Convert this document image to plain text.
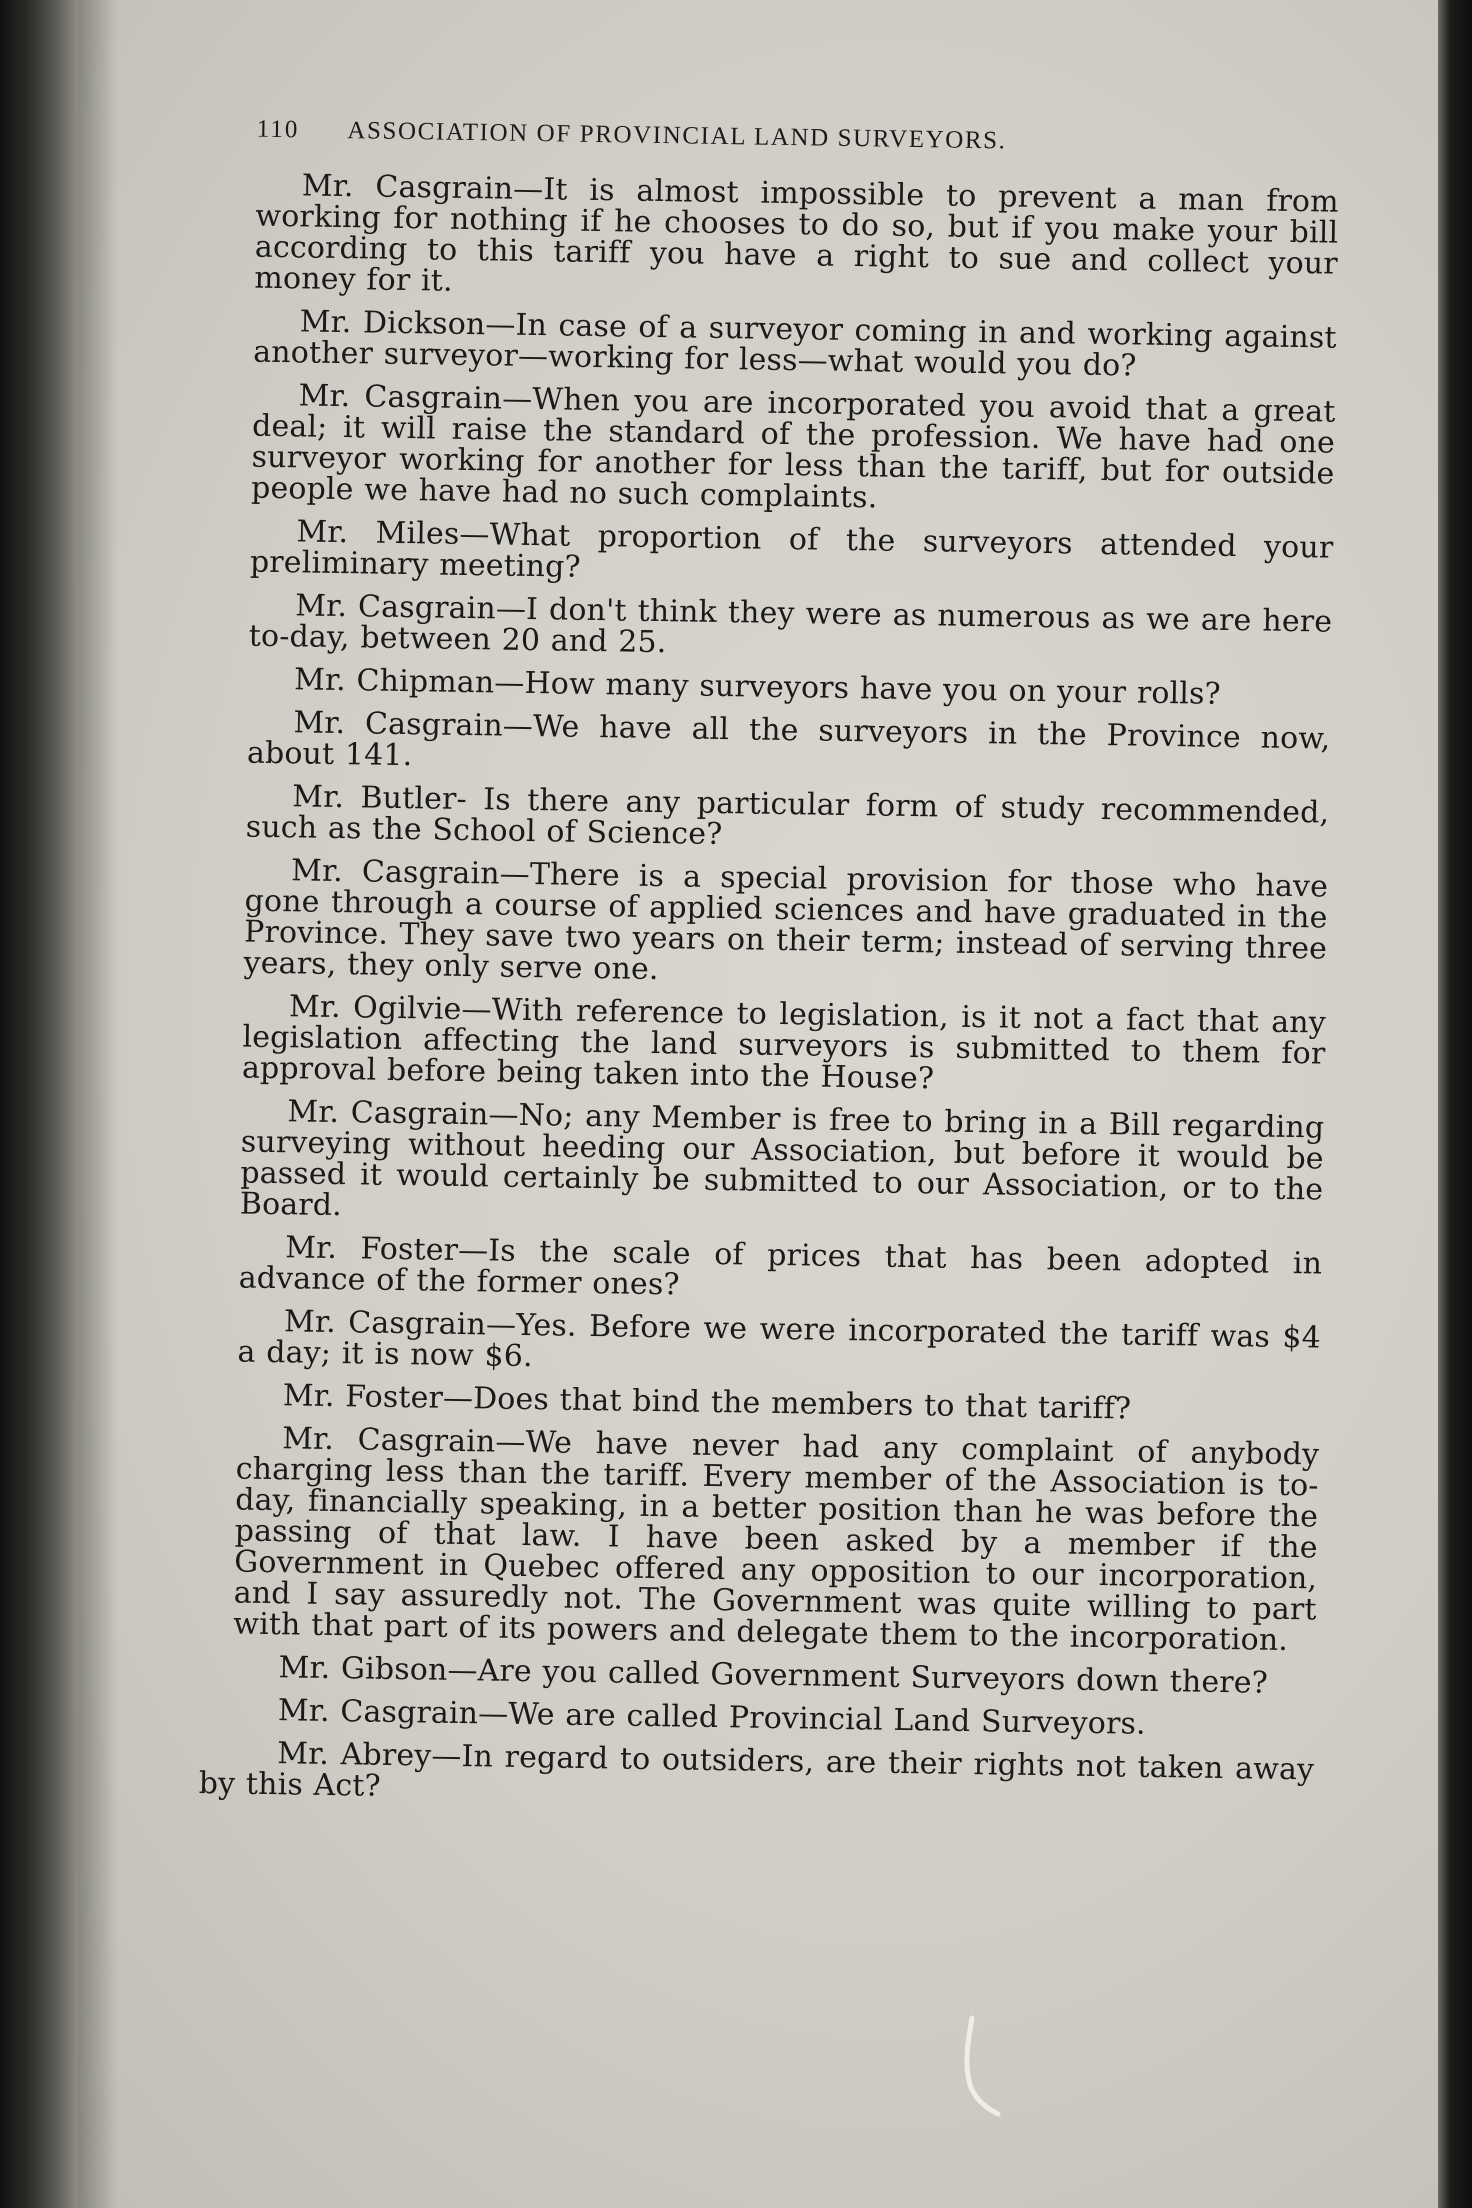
110 ASSOCIATION OF PROVINCIAL LAND SURVEYORS.

Mr. Casgrain—It is almost impossible to prevent a man from working for nothing if he chooses to do so, but if you make your bill according to this tariff you have a right to sue and collect your money for it.

Mr. Dickson—In case of a surveyor coming in and working against another surveyor—working for less—what would you do?

Mr. Casgrain—When you are incorporated you avoid that a great deal; it will raise the standard of the profession. We have had one surveyor working for another for less than the tariff, but for outside people we have had no such complaints.

Mr. Miles—What proportion of the surveyors attended your preliminary meeting?

Mr. Casgrain—I don't think they were as numerous as we are here to-day, between 20 and 25.

Mr. Chipman—How many surveyors have you on your rolls?

Mr. Casgrain—We have all the surveyors in the Province now, about 141.

Mr. Butler- Is there any particular form of study recommended, such as the School of Science?

Mr. Casgrain—There is a special provision for those who have gone through a course of applied sciences and have graduated in the Province. They save two years on their term; instead of serving three years, they only serve one.

Mr. Ogilvie—With reference to legislation, is it not a fact that any legislation affecting the land surveyors is submitted to them for approval before being taken into the House?

Mr. Casgrain—No; any Member is free to bring in a Bill regarding surveying without heeding our Association, but before it would be passed it would certainly be submitted to our Association, or to the Board.

Mr. Foster—Is the scale of prices that has been adopted in advance of the former ones?

Mr. Casgrain—Yes. Before we were incorporated the tariff was $4 a day; it is now $6.

Mr. Foster—Does that bind the members to that tariff?

Mr. Casgrain—We have never had any complaint of anybody charging less than the tariff. Every member of the Association is to-day, financially speaking, in a better position than he was before the passing of that law. I have been asked by a member if the Government in Quebec offered any opposition to our incorporation, and I say assuredly not. The Government was quite willing to part with that part of its powers and delegate them to the incorporation.

Mr. Gibson—Are you called Government Surveyors down there?

Mr. Casgrain—We are called Provincial Land Surveyors.

Mr. Abrey—In regard to outsiders, are their rights not taken away by this Act?
